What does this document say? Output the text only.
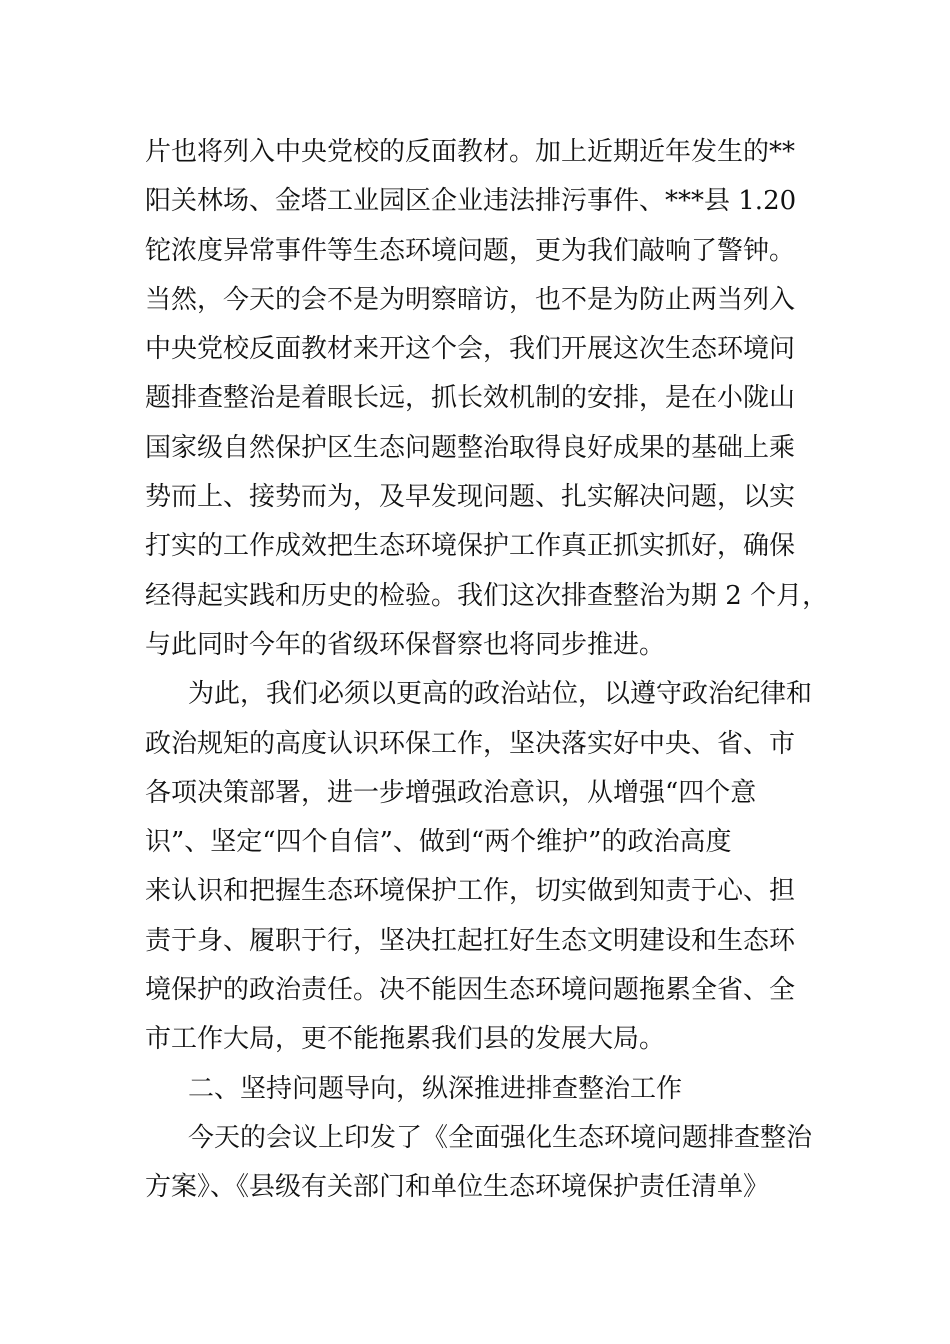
片也将列入中央党校的反面教材。加上近期近年发生的**
阳关林场、金塔工业园区企业违法排污事件、***县 1.20
铊浓度异常事件等生态环境问题，更为我们敲响了警钟。
当然，今天的会不是为明察暗访，也不是为防止两当列入
中央党校反面教材来开这个会，我们开展这次生态环境问
题排查整治是着眼长远，抓长效机制的安排，是在小陇山
国家级自然保护区生态问题整治取得良好成果的基础上乘
势而上、接势而为，及早发现问题、扎实解决问题，以实
打实的工作成效把生态环境保护工作真正抓实抓好，确保
经得起实践和历史的检验。我们这次排查整治为期 2 个月，
与此同时今年的省级环保督察也将同步推进。
为此，我们必须以更高的政治站位，以遵守政治纪律和
政治规矩的高度认识环保工作，坚决落实好中央、省、市
各项决策部署，进一步增强政治意识，从增强“四个意
识”、坚定“四个自信”、做到“两个维护”的政治高度
来认识和把握生态环境保护工作，切实做到知责于心、担
责于身、履职于行，坚决扛起扛好生态文明建设和生态环
境保护的政治责任。决不能因生态环境问题拖累全省、全
市工作大局，更不能拖累我们县的发展大局。
二、坚持问题导向，纵深推进排查整治工作
今天的会议上印发了《全面强化生态环境问题排查整治
方案》、《县级有关部门和单位生态环境保护责任清单》
